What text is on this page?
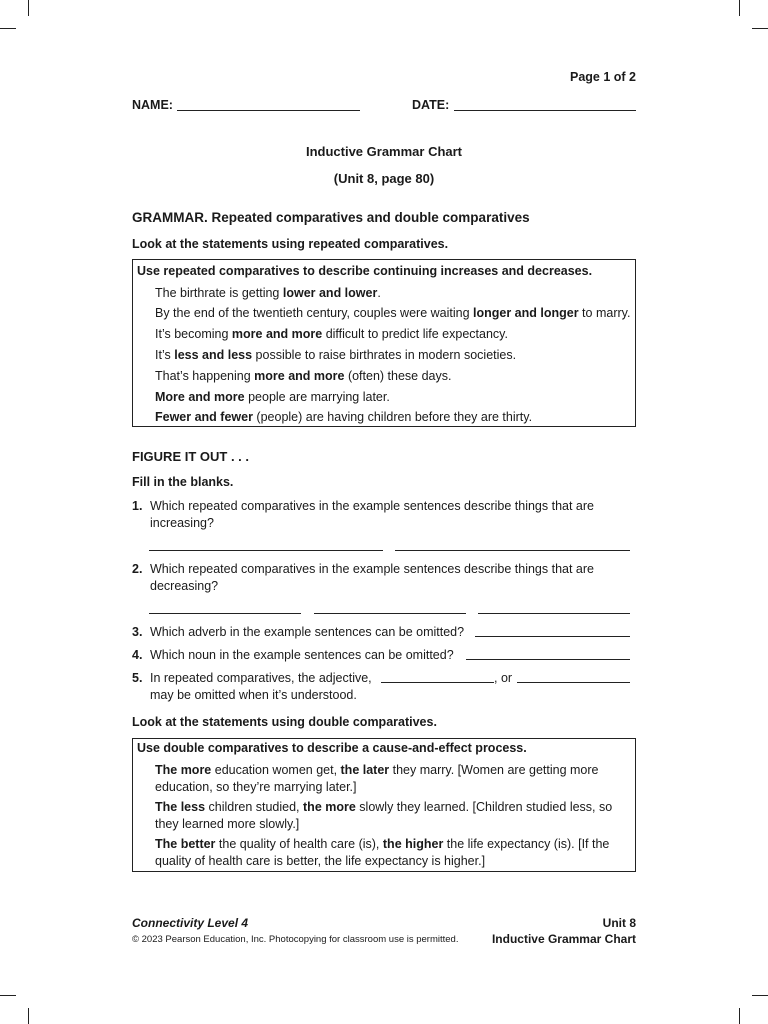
Page 1 of 2
NAME:	DATE:
Inductive Grammar Chart
(Unit 8, page 80)
GRAMMAR. Repeated comparatives and double comparatives
Look at the statements using repeated comparatives.
Use repeated comparatives to describe continuing increases and decreases.
The birthrate is getting lower and lower.
By the end of the twentieth century, couples were waiting longer and longer to marry.
It’s becoming more and more difficult to predict life expectancy.
It’s less and less possible to raise birthrates in modern societies.
That’s happening more and more (often) these days.
More and more people are marrying later.
Fewer and fewer (people) are having children before they are thirty.
FIGURE IT OUT . . .
Fill in the blanks.
1. Which repeated comparatives in the example sentences describe things that are increasing?
2. Which repeated comparatives in the example sentences describe things that are decreasing?
3. Which adverb in the example sentences can be omitted?
4. Which noun in the example sentences can be omitted?
5. In repeated comparatives, the adjective,	, or
may be omitted when it’s understood.
Look at the statements using double comparatives.
Use double comparatives to describe a cause-and-effect process.
The more education women get, the later they marry. [Women are getting more education, so they’re marrying later.]
The less children studied, the more slowly they learned. [Children studied less, so they learned more slowly.]
The better the quality of health care (is), the higher the life expectancy (is). [If the quality of health care is better, the life expectancy is higher.]
Connectivity Level 4
© 2023 Pearson Education, Inc. Photocopying for classroom use is permitted.
Unit 8
Inductive Grammar Chart
